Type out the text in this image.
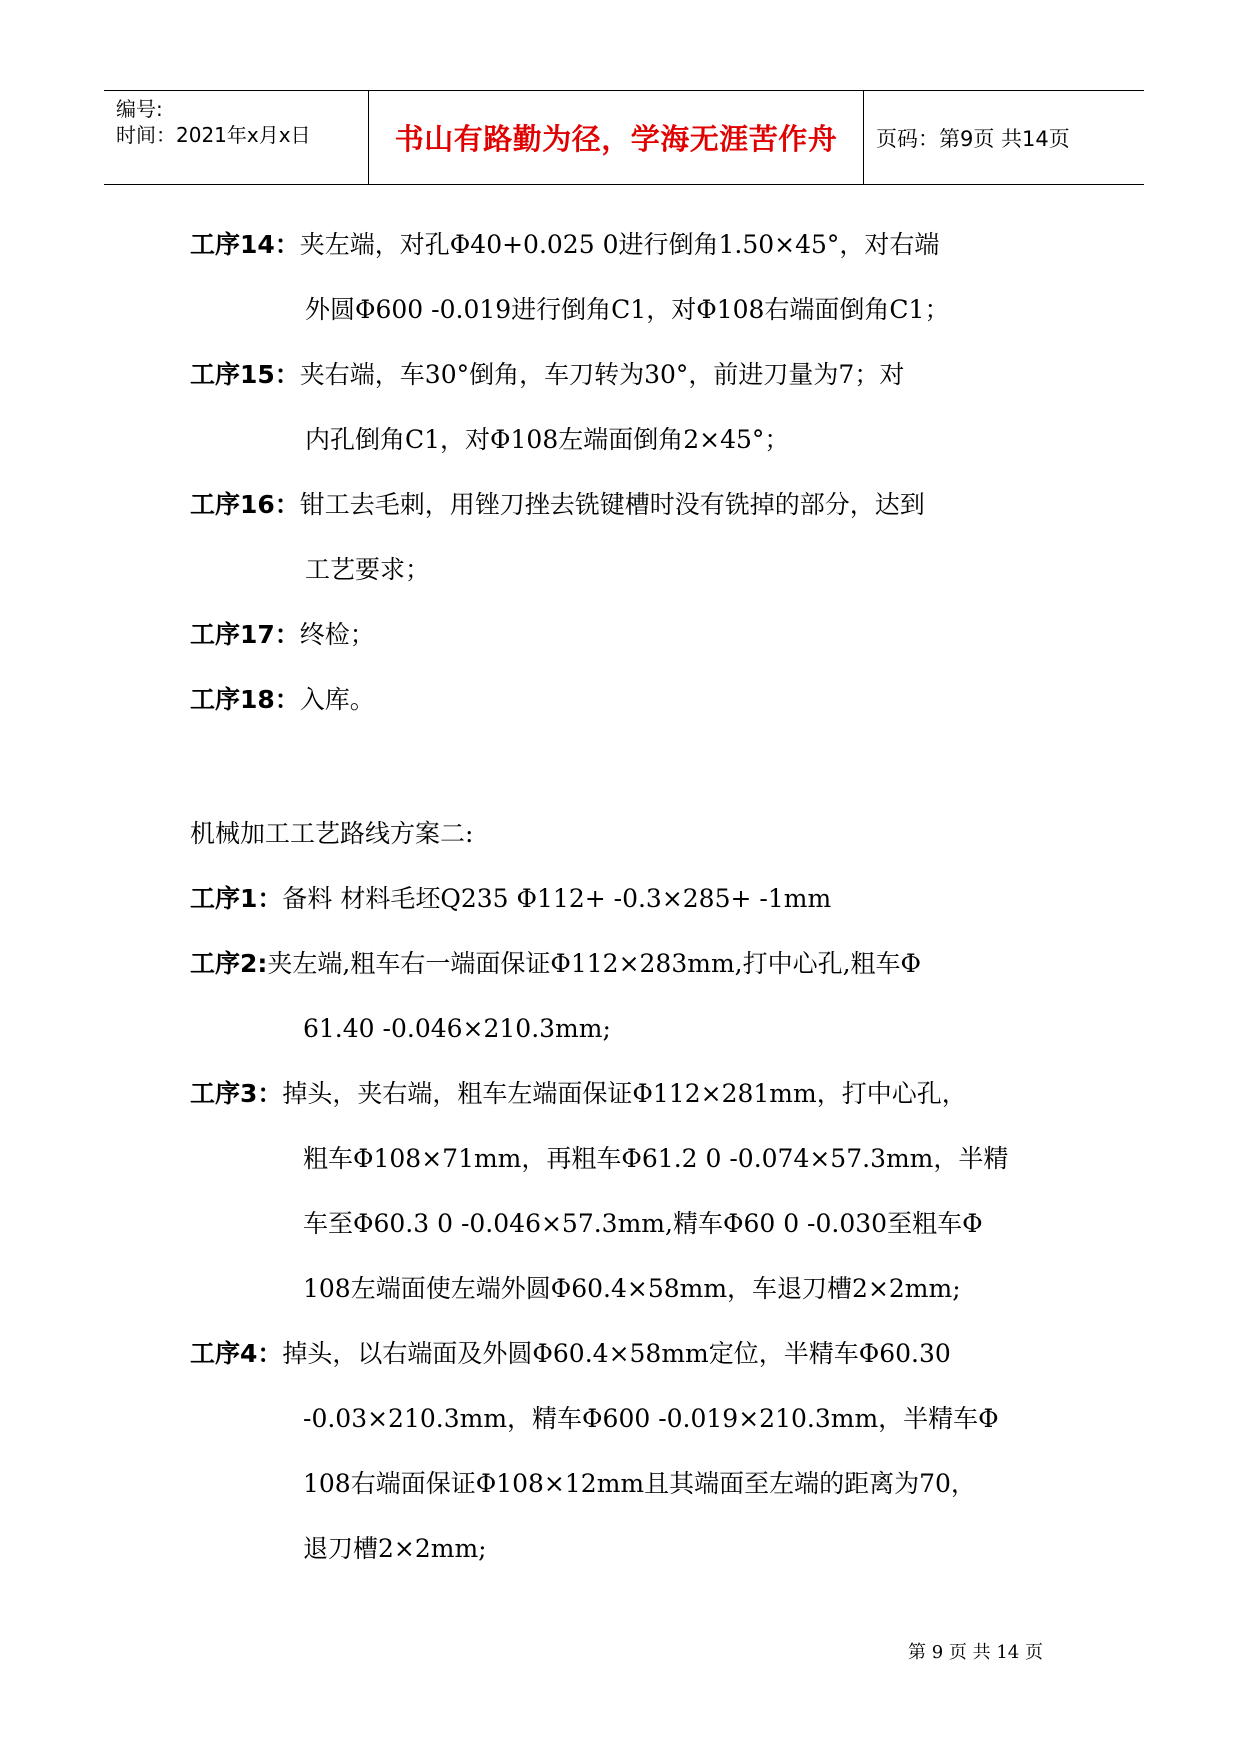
编号:
时间：2021年x月x日	书山有路勤为径，学海无涯苦作舟	页码：第9页 共14页
工序14：夹左端，对孔Φ40+0.025 0进行倒角1.50×45°，对右端
外圆Φ600 -0.019进行倒角C1，对Φ108右端面倒角C1；
工序15：夹右端，车30°倒角，车刀转为30°，前进刀量为7；对
内孔倒角C1，对Φ108左端面倒角2×45°；
工序16：钳工去毛刺，用锉刀挫去铣键槽时没有铣掉的部分，达到
工艺要求；
工序17：终检；
工序18：入库。
机械加工工艺路线方案二:
工序1：备料 材料毛坯Q235 Φ112+ -0.3×285+ -1mm
工序2:夹左端,粗车右一端面保证Φ112×283mm,打中心孔,粗车Φ
61.40 -0.046×210.3mm;
工序3：掉头，夹右端，粗车左端面保证Φ112×281mm，打中心孔，
粗车Φ108×71mm，再粗车Φ61.2 0 -0.074×57.3mm，半精
车至Φ60.3 0 -0.046×57.3mm,精车Φ60 0 -0.030至粗车Φ
108左端面使左端外圆Φ60.4×58mm，车退刀槽2×2mm;
工序4：掉头，以右端面及外圆Φ60.4×58mm定位，半精车Φ60.30
-0.03×210.3mm，精车Φ600 -0.019×210.3mm，半精车Φ
108右端面保证Φ108×12mm且其端面至左端的距离为70，
退刀槽2×2mm;
第 9 页 共 14 页
